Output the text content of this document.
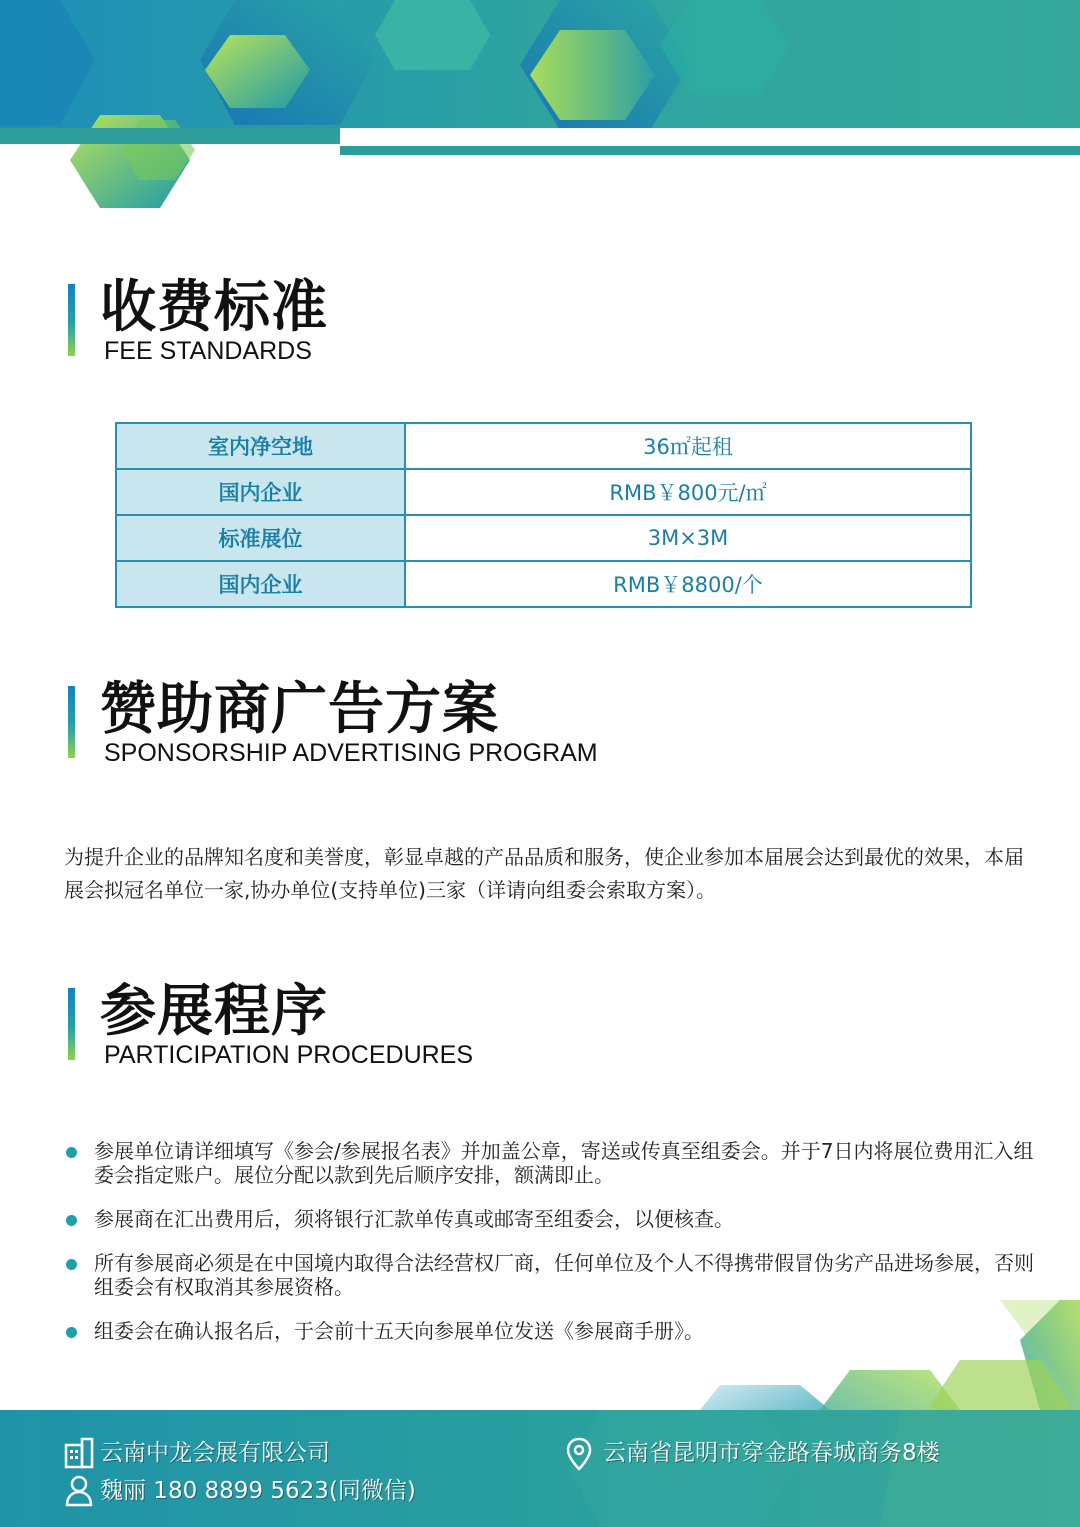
收费标准
FEE STANDARDS
室内净空地	36㎡起租
国内企业	RMB￥800元/㎡
标准展位	3M×3M
国内企业	RMB￥8800/个
赞助商广告方案
SPONSORSHIP ADVERTISING PROGRAM
为提升企业的品牌知名度和美誉度，彰显卓越的产品品质和服务，使企业参加本届展会达到最优的效果，本届展会拟冠名单位一家,协办单位(支持单位)三家（详请向组委会索取方案）。
参展程序
PARTICIPATION PROCEDURES
参展单位请详细填写《参会/参展报名表》并加盖公章，寄送或传真至组委会。并于7日内将展位费用汇入组委会指定账户。展位分配以款到先后顺序安排，额满即止。
参展商在汇出费用后，须将银行汇款单传真或邮寄至组委会，以便核查。
所有参展商必须是在中国境内取得合法经营权厂商，任何单位及个人不得携带假冒伪劣产品进场参展，否则组委会有权取消其参展资格。
组委会在确认报名后，于会前十五天向参展单位发送《参展商手册》。
云南中龙会展有限公司
魏丽 180 8899 5623(同微信)
云南省昆明市穿金路春城商务8楼
